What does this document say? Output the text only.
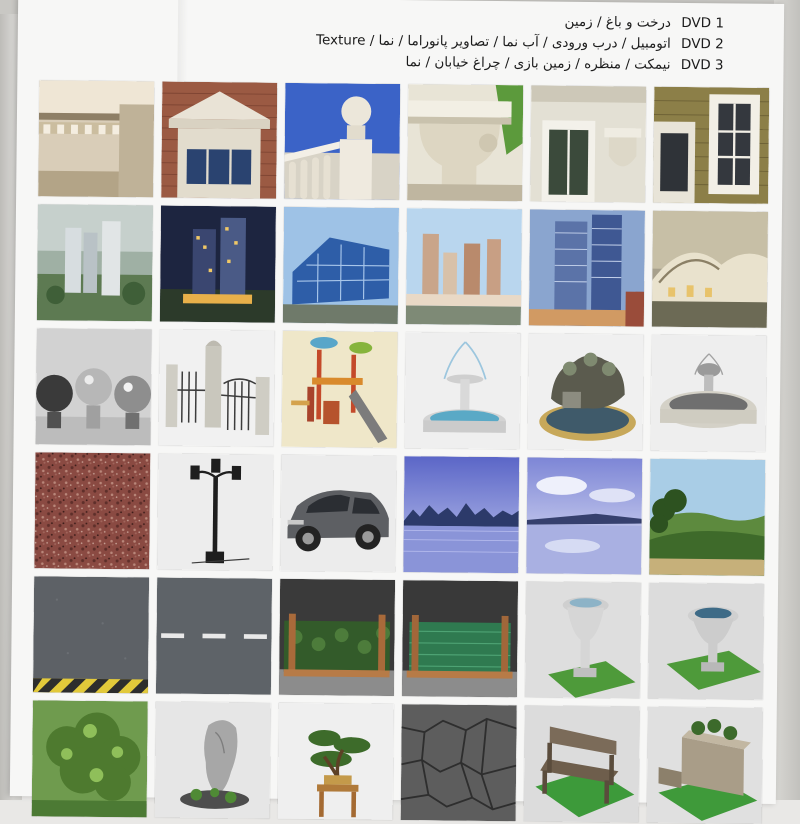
درخت و باغ / زمین DVD 1
اتومبیل / درب ورودی / آب نما / تصاویر پانوراما / نما / Texture DVD 2
نیمکت / منظره / زمین بازی / چراغ خیابان / نما DVD 3
